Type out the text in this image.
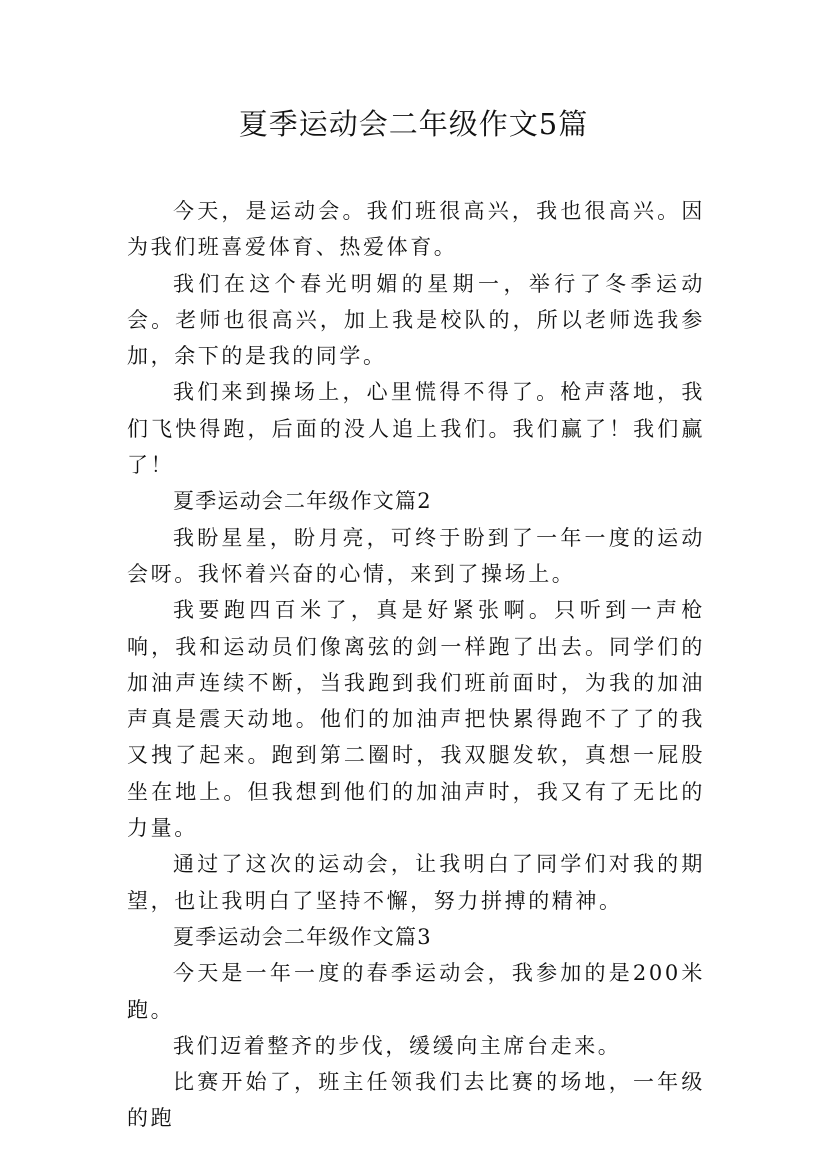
夏季运动会二年级作文5篇

今天，是运动会。我们班很高兴，我也很高兴。因为我们班喜爱体育、热爱体育。

我们在这个春光明媚的星期一，举行了冬季运动会。老师也很高兴，加上我是校队的，所以老师选我参加，余下的是我的同学。

我们来到操场上，心里慌得不得了。枪声落地，我们飞快得跑，后面的没人追上我们。我们赢了！我们赢了！

夏季运动会二年级作文篇2

我盼星星，盼月亮，可终于盼到了一年一度的运动会呀。我怀着兴奋的心情，来到了操场上。

我要跑四百米了，真是好紧张啊。只听到一声枪响，我和运动员们像离弦的剑一样跑了出去。同学们的加油声连续不断，当我跑到我们班前面时，为我的加油声真是震天动地。他们的加油声把快累得跑不了了的我又拽了起来。跑到第二圈时，我双腿发软，真想一屁股坐在地上。但我想到他们的加油声时，我又有了无比的力量。

通过了这次的运动会，让我明白了同学们对我的期望，也让我明白了坚持不懈，努力拼搏的精神。

夏季运动会二年级作文篇3

今天是一年一度的春季运动会，我参加的是200米跑。

我们迈着整齐的步伐，缓缓向主席台走来。

比赛开始了，班主任领我们去比赛的场地，一年级的跑
